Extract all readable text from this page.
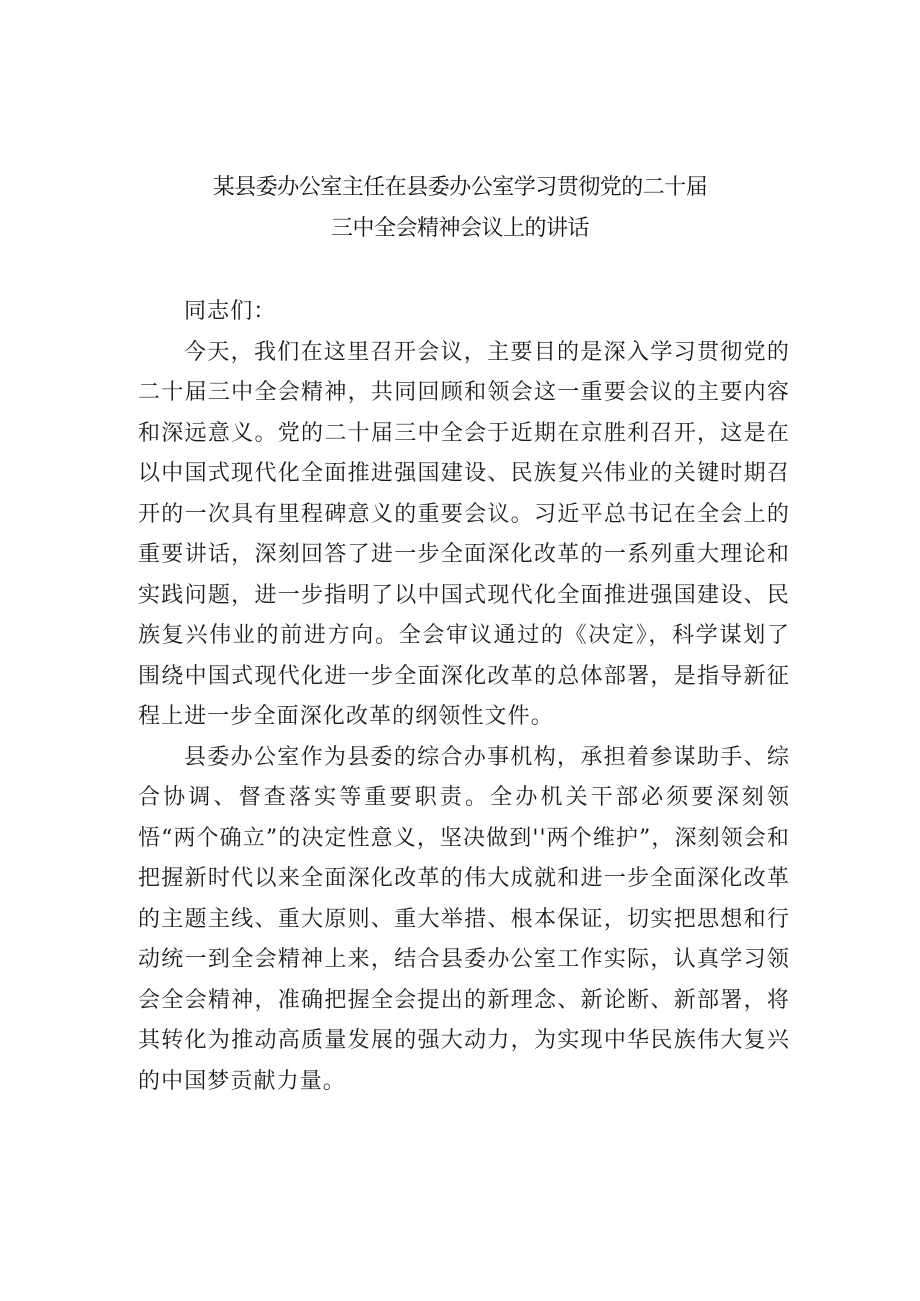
某县委办公室主任在县委办公室学习贯彻党的二十届
三中全会精神会议上的讲话

同志们：

今天，我们在这里召开会议，主要目的是深入学习贯彻党的二十届三中全会精神，共同回顾和领会这一重要会议的主要内容和深远意义。党的二十届三中全会于近期在京胜利召开，这是在以中国式现代化全面推进强国建设、民族复兴伟业的关键时期召开的一次具有里程碑意义的重要会议。习近平总书记在全会上的重要讲话，深刻回答了进一步全面深化改革的一系列重大理论和实践问题，进一步指明了以中国式现代化全面推进强国建设、民族复兴伟业的前进方向。全会审议通过的《决定》，科学谋划了围绕中国式现代化进一步全面深化改革的总体部署，是指导新征程上进一步全面深化改革的纲领性文件。

县委办公室作为县委的综合办事机构，承担着参谋助手、综合协调、督查落实等重要职责。全办机关干部必须要深刻领悟“两个确立”的决定性意义，坚决做到''两个维护”，深刻领会和把握新时代以来全面深化改革的伟大成就和进一步全面深化改革的主题主线、重大原则、重大举措、根本保证，切实把思想和行动统一到全会精神上来，结合县委办公室工作实际，认真学习领会全会精神，准确把握全会提出的新理念、新论断、新部署，将其转化为推动高质量发展的强大动力，为实现中华民族伟大复兴的中国梦贡献力量。
